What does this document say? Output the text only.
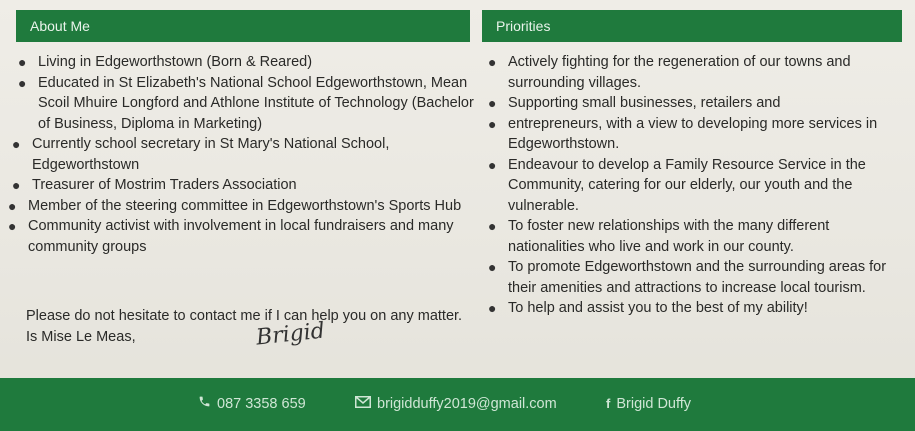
About Me	Priorities
● Living in Edgeworthstown (Born & Reared)
● Educated in St Elizabeth's National School Edgeworthstown, Mean Scoil Mhuire Longford and Athlone Institute of Technology (Bachelor of Business, Diploma in Marketing)
● Currently school secretary in St Mary's National School, Edgeworthstown
● Treasurer of Mostrim Traders Association
● Member of the steering committee in Edgeworthstown's Sports Hub
● Community activist with involvement in local fundraisers and many community groups
Please do not hesitate to contact me if I can help you on any matter. Is Mise Le Meas,	Brigid
● Actively fighting for the regeneration of our towns and surrounding villages.
● Supporting small businesses, retailers and
● entrepreneurs, with a view to developing more services in Edgeworthstown.
● Endeavour to develop a Family Resource Service in the Community, catering for our elderly, our youth and the vulnerable.
● To foster new relationships with the many different nationalities who live and work in our county.
● To promote Edgeworthstown and the surrounding areas for their amenities and attractions to increase local tourism.
● To help and assist you to the best of my ability!
087 3358 659	brigidduffy2019@gmail.com	f Brigid Duffy
